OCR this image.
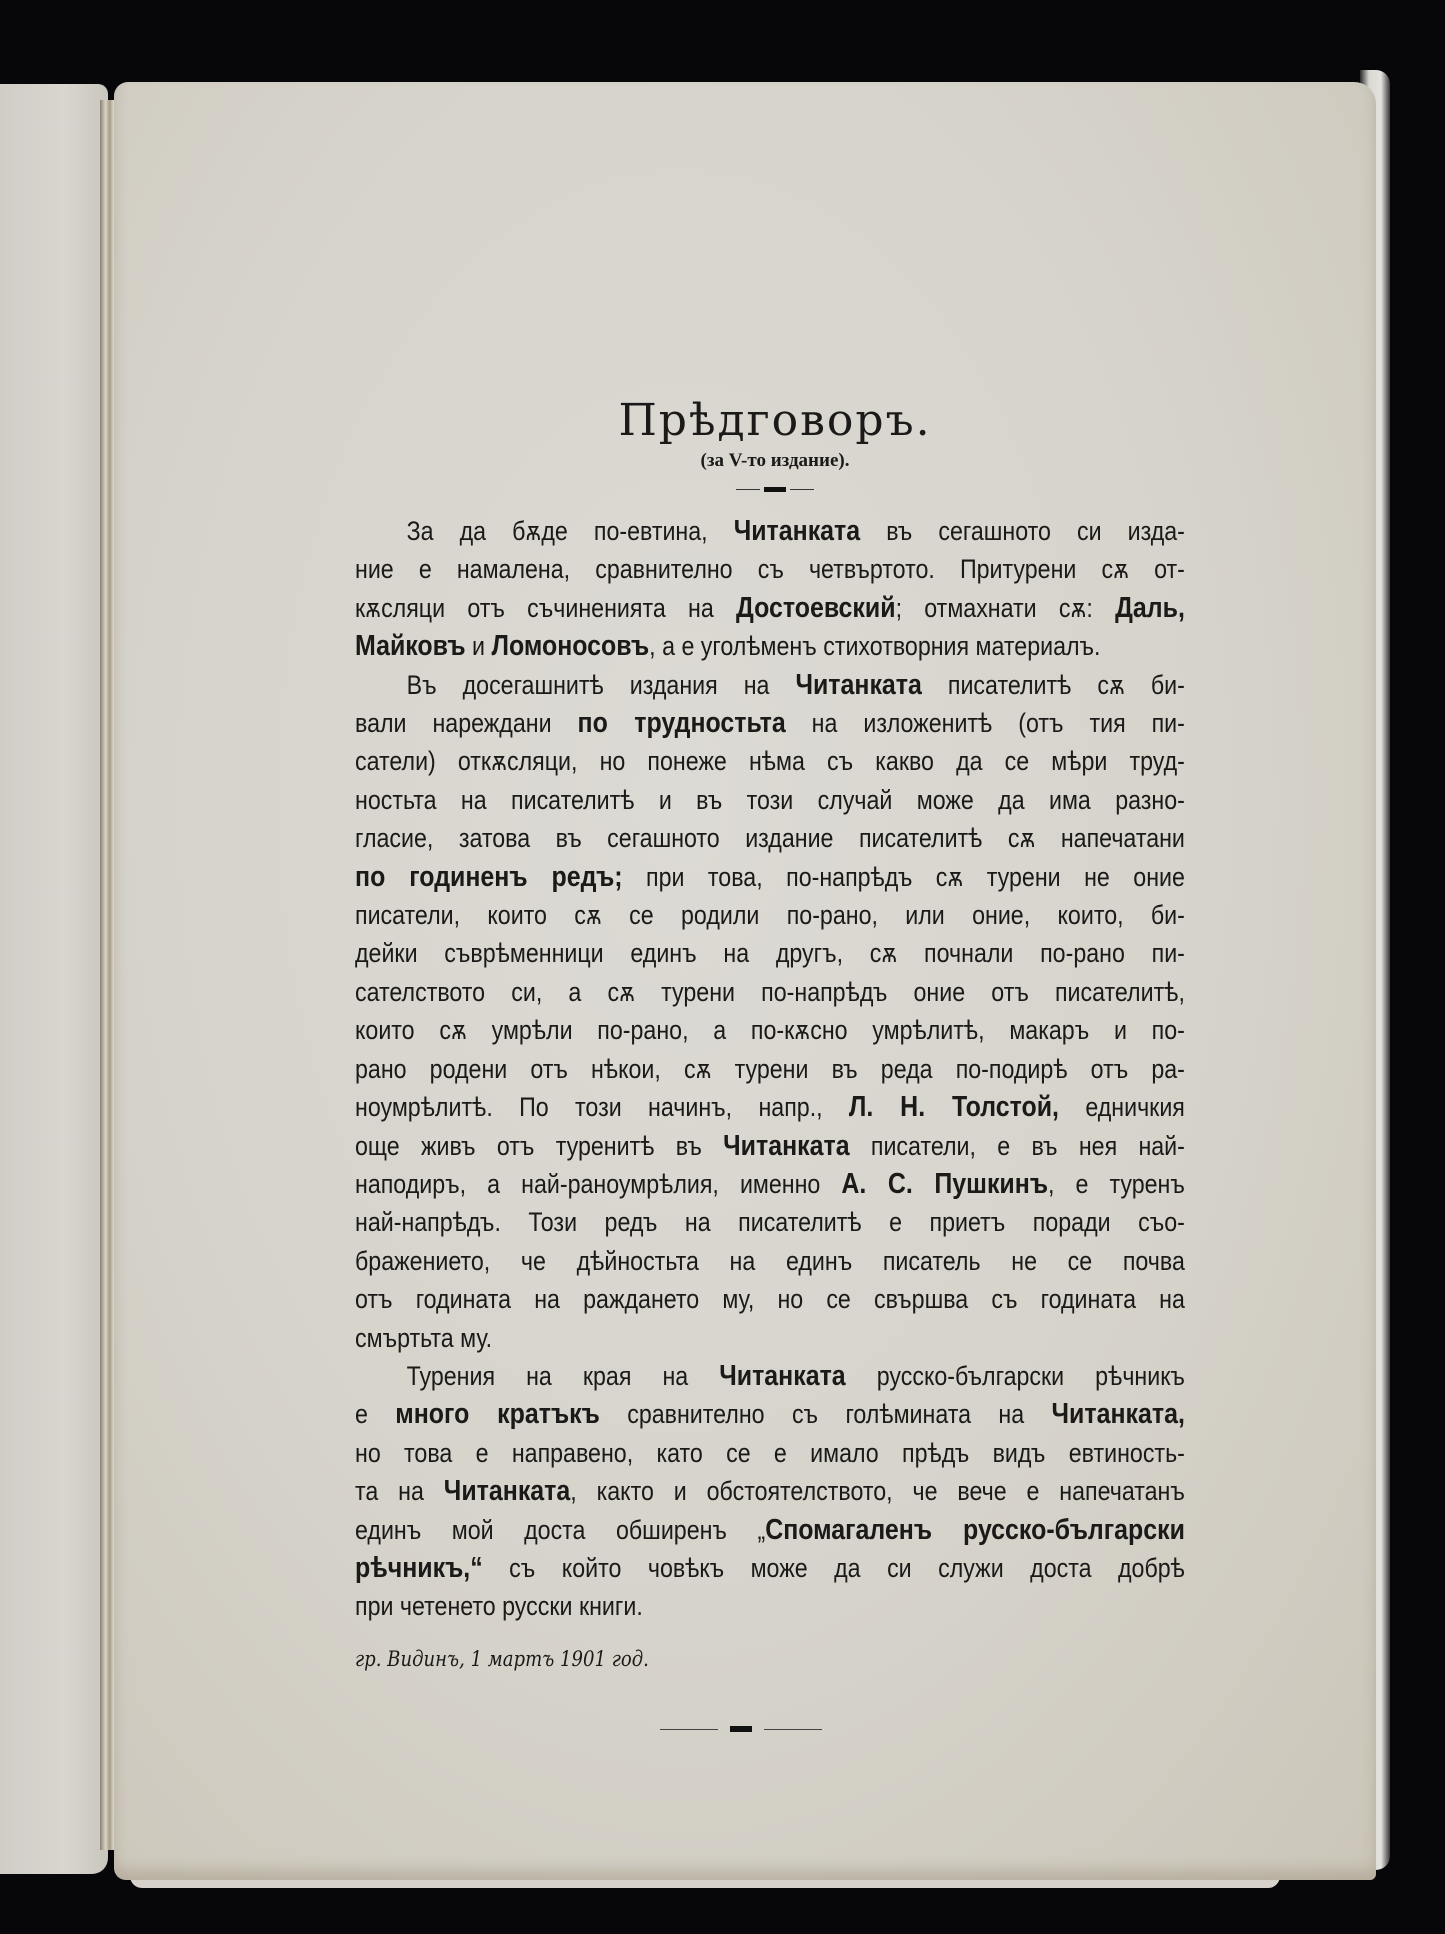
Прѣдговоръ.
(за V-то издание).
За да бѫде по-евтина, Читанката въ сегашното си изда-
ние е намалена, сравнително съ четвъртото. Притурени сѫ от-
кѫсляци отъ съчиненията на Достоевский; отмахнати сѫ: Даль,
Майковъ и Ломоносовъ, а е уголѣменъ стихотворния материалъ.
Въ досегашнитѣ издания на Читанката писателитѣ сѫ би-
вали нареждани по трудностьта на изложенитѣ (отъ тия пи-
сатели) откѫсляци, но понеже нѣма съ какво да се мѣри труд-
ностьта на писателитѣ и въ този случай може да има разно-
гласие, затова въ сегашното издание писателитѣ сѫ напечатани
по годиненъ редъ; при това, по-напрѣдъ сѫ турени не оние
писатели, които сѫ се родили по-рано, или оние, които, би-
дейки съврѣменници единъ на другъ, сѫ почнали по-рано пи-
сателството си, а сѫ турени по-напрѣдъ оние отъ писателитѣ,
които сѫ умрѣли по-рано, а по-кѫсно умрѣлитѣ, макаръ и по-
рано родени отъ нѣкои, сѫ турени въ реда по-подирѣ отъ ра-
ноумрѣлитѣ. По този начинъ, напр., Л. Н. Толстой, едничкия
още живъ отъ туренитѣ въ Читанката писатели, е въ нея най-
наподиръ, а най-раноумрѣлия, именно А. С. Пушкинъ, е туренъ
най-напрѣдъ. Този редъ на писателитѣ е приетъ поради съо-
бражението, че дѣйностьта на единъ писатель не се почва
отъ годината на раждането му, но се свършва съ годината на
смъртьта му.
Турения на края на Читанката русско-български рѣчникъ
е много кратъкъ сравнително съ голѣмината на Читанката,
но това е направено, като се е имало прѣдъ видъ евтиность-
та на Читанката, както и обстоятелството, че вече е напечатанъ
единъ мой доста обширенъ „Спомагаленъ русско-български
рѣчникъ,“ съ който човѣкъ може да си служи доста добрѣ
при четенето русски книги.
гр. Видинъ, 1 мартъ 1901 год.
